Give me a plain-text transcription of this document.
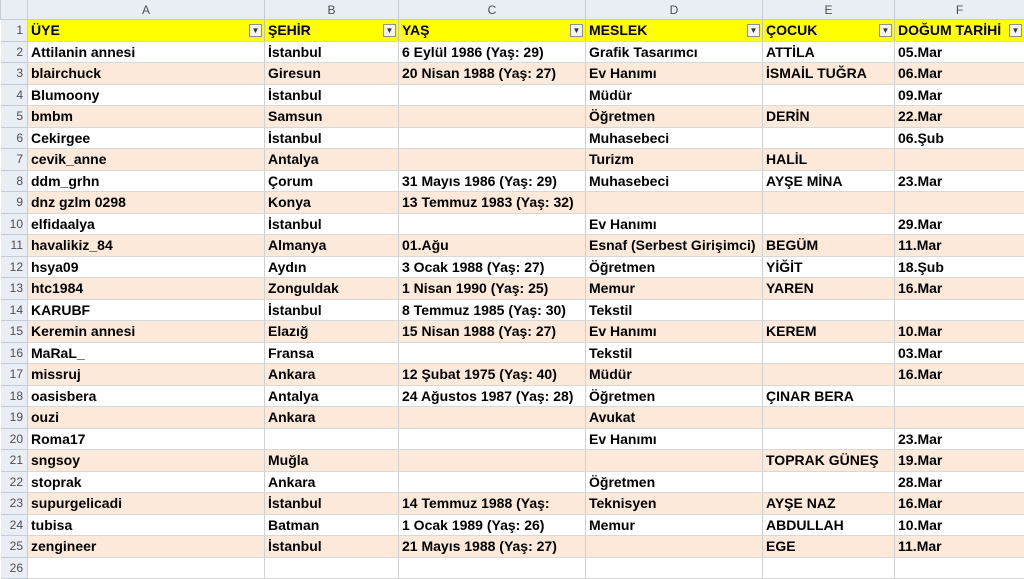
	A	B	C	D	E	F
1	ÜYE ▼	ŞEHİR ▼	YAŞ ▼	MESLEK ▼	ÇOCUK ▼	DOĞUM TARİHİ ▼

2	Attilanin annesi	İstanbul	6 Eylül 1986 (Yaş: 29)	Grafik Tasarımcı	ATTİLA	05.Mar
3	blairchuck	Giresun	20 Nisan 1988 (Yaş: 27)	Ev Hanımı	İSMAİL TUĞRA	06.Mar
4	Blumoony	İstanbul		Müdür		09.Mar
5	bmbm	Samsun		Öğretmen	DERİN	22.Mar
6	Cekirgee	İstanbul		Muhasebeci		06.Şub
7	cevik_anne	Antalya		Turizm	HALİL	
8	ddm_grhn	Çorum	31 Mayıs 1986 (Yaş: 29)	Muhasebeci	AYŞE MİNA	23.Mar
9	dnz gzlm 0298	Konya	13 Temmuz 1983 (Yaş: 32)			
10	elfidaalya	İstanbul		Ev Hanımı		29.Mar
11	havalikiz_84	Almanya	01.Ağu	Esnaf (Serbest Girişimci)	BEGÜM	11.Mar
12	hsya09	Aydın	3 Ocak 1988 (Yaş: 27)	Öğretmen	YİĞİT	18.Şub
13	htc1984	Zonguldak	1 Nisan 1990 (Yaş: 25)	Memur	YAREN	16.Mar
14	KARUBF	İstanbul	8 Temmuz 1985 (Yaş: 30)	Tekstil		
15	Keremin annesi	Elazığ	15 Nisan 1988 (Yaş: 27)	Ev Hanımı	KEREM	10.Mar
16	MaRaL_	Fransa		Tekstil		03.Mar
17	missruj	Ankara	12 Şubat 1975 (Yaş: 40)	Müdür		16.Mar
18	oasisbera	Antalya	24 Ağustos 1987 (Yaş: 28)	Öğretmen	ÇINAR BERA	
19	ouzi	Ankara		Avukat		
20	Roma17			Ev Hanımı		23.Mar
21	sngsoy	Muğla			TOPRAK GÜNEŞ	19.Mar
22	stoprak	Ankara		Öğretmen		28.Mar
23	supurgelicadi	İstanbul	14 Temmuz 1988 (Yaş:	Teknisyen	AYŞE NAZ	16.Mar
24	tubisa	Batman	1 Ocak 1989 (Yaş: 26)	Memur	ABDULLAH	10.Mar
25	zengineer	İstanbul	21 Mayıs 1988 (Yaş: 27)		EGE	11.Mar
26						
